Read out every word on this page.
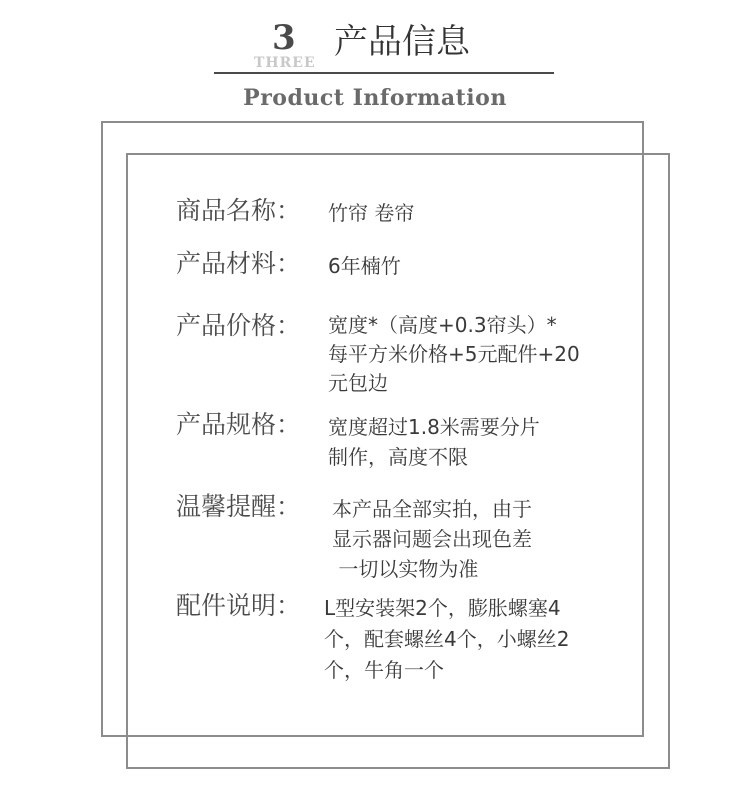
3
THREE
产品信息
Product Information
商品名称： 竹帘 卷帘
产品材料： 6年楠竹
产品价格： 宽度*（高度+0.3帘头）*
每平方米价格+5元配件+20
元包边
产品规格： 宽度超过1.8米需要分片
制作，高度不限
温馨提醒： 本产品全部实拍，由于
显示器问题会出现色差
一切以实物为准
配件说明： L型安装架2个，膨胀螺塞4
个，配套螺丝4个，小螺丝2
个，牛角一个
